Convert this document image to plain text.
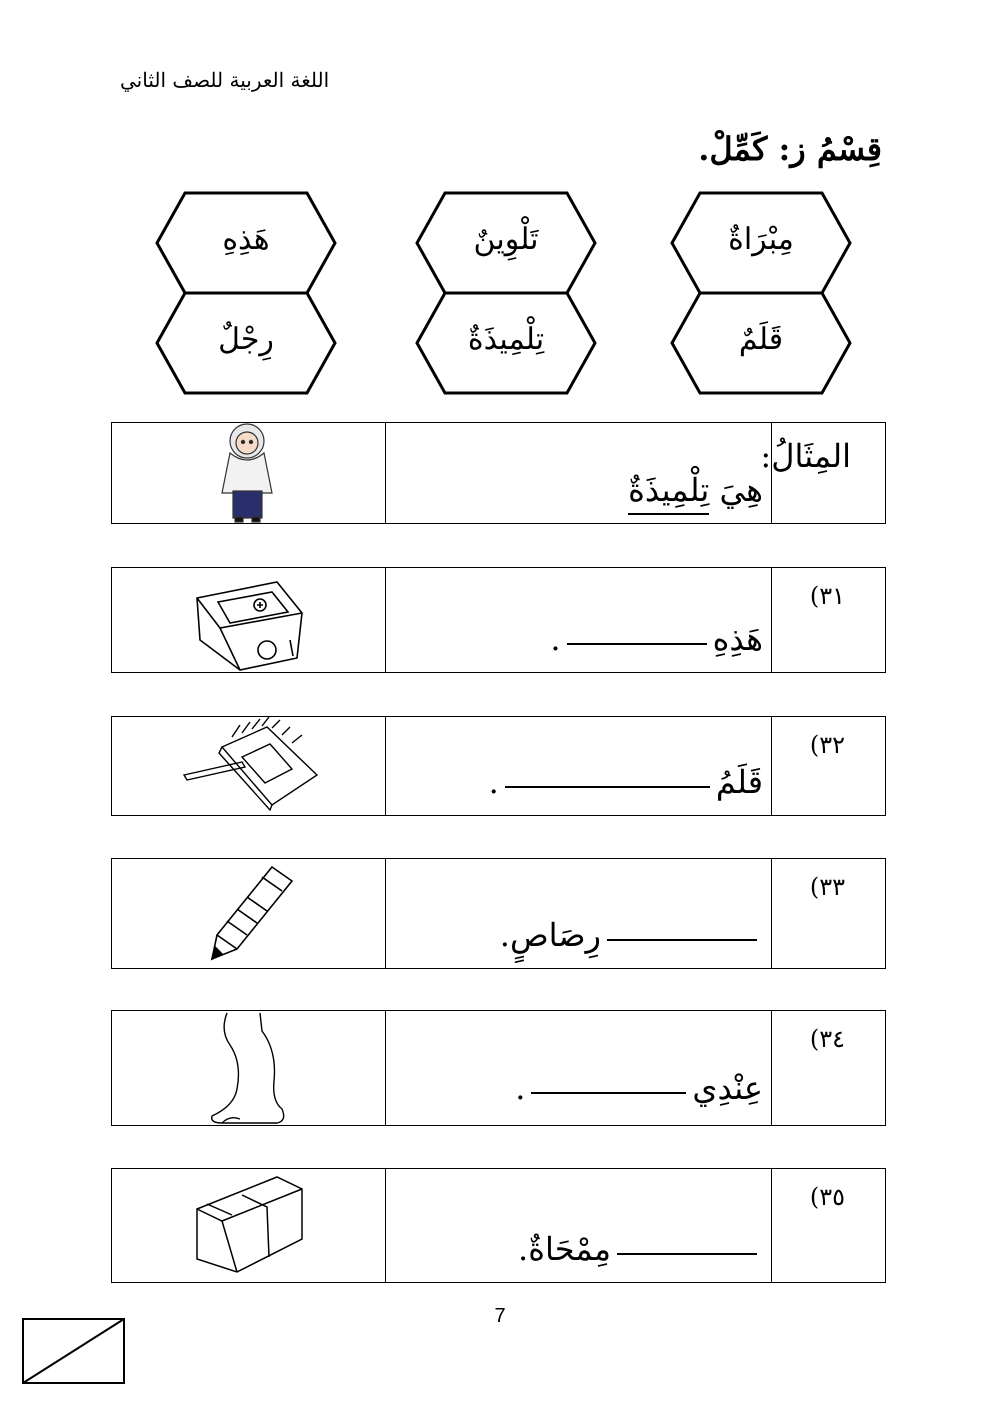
اللغة العربية للصف الثاني
قِسْمُ ز: كَمِّلْ.
مِبْرَاةٌ
تَلْوِينٌ
هَذِهِ
قَلَمٌ
تِلْمِيذَةٌ
رِجْلٌ
هِيَ تِلْمِيذَةٌ
المِثَالُ:
هَذِهِ.
٣١)
قَلَمُ.
٣٢)
رِصَاصٍ.
٣٣)
عِنْدِي.
٣٤)
مِمْحَاةٌ.
٣٥)
7
